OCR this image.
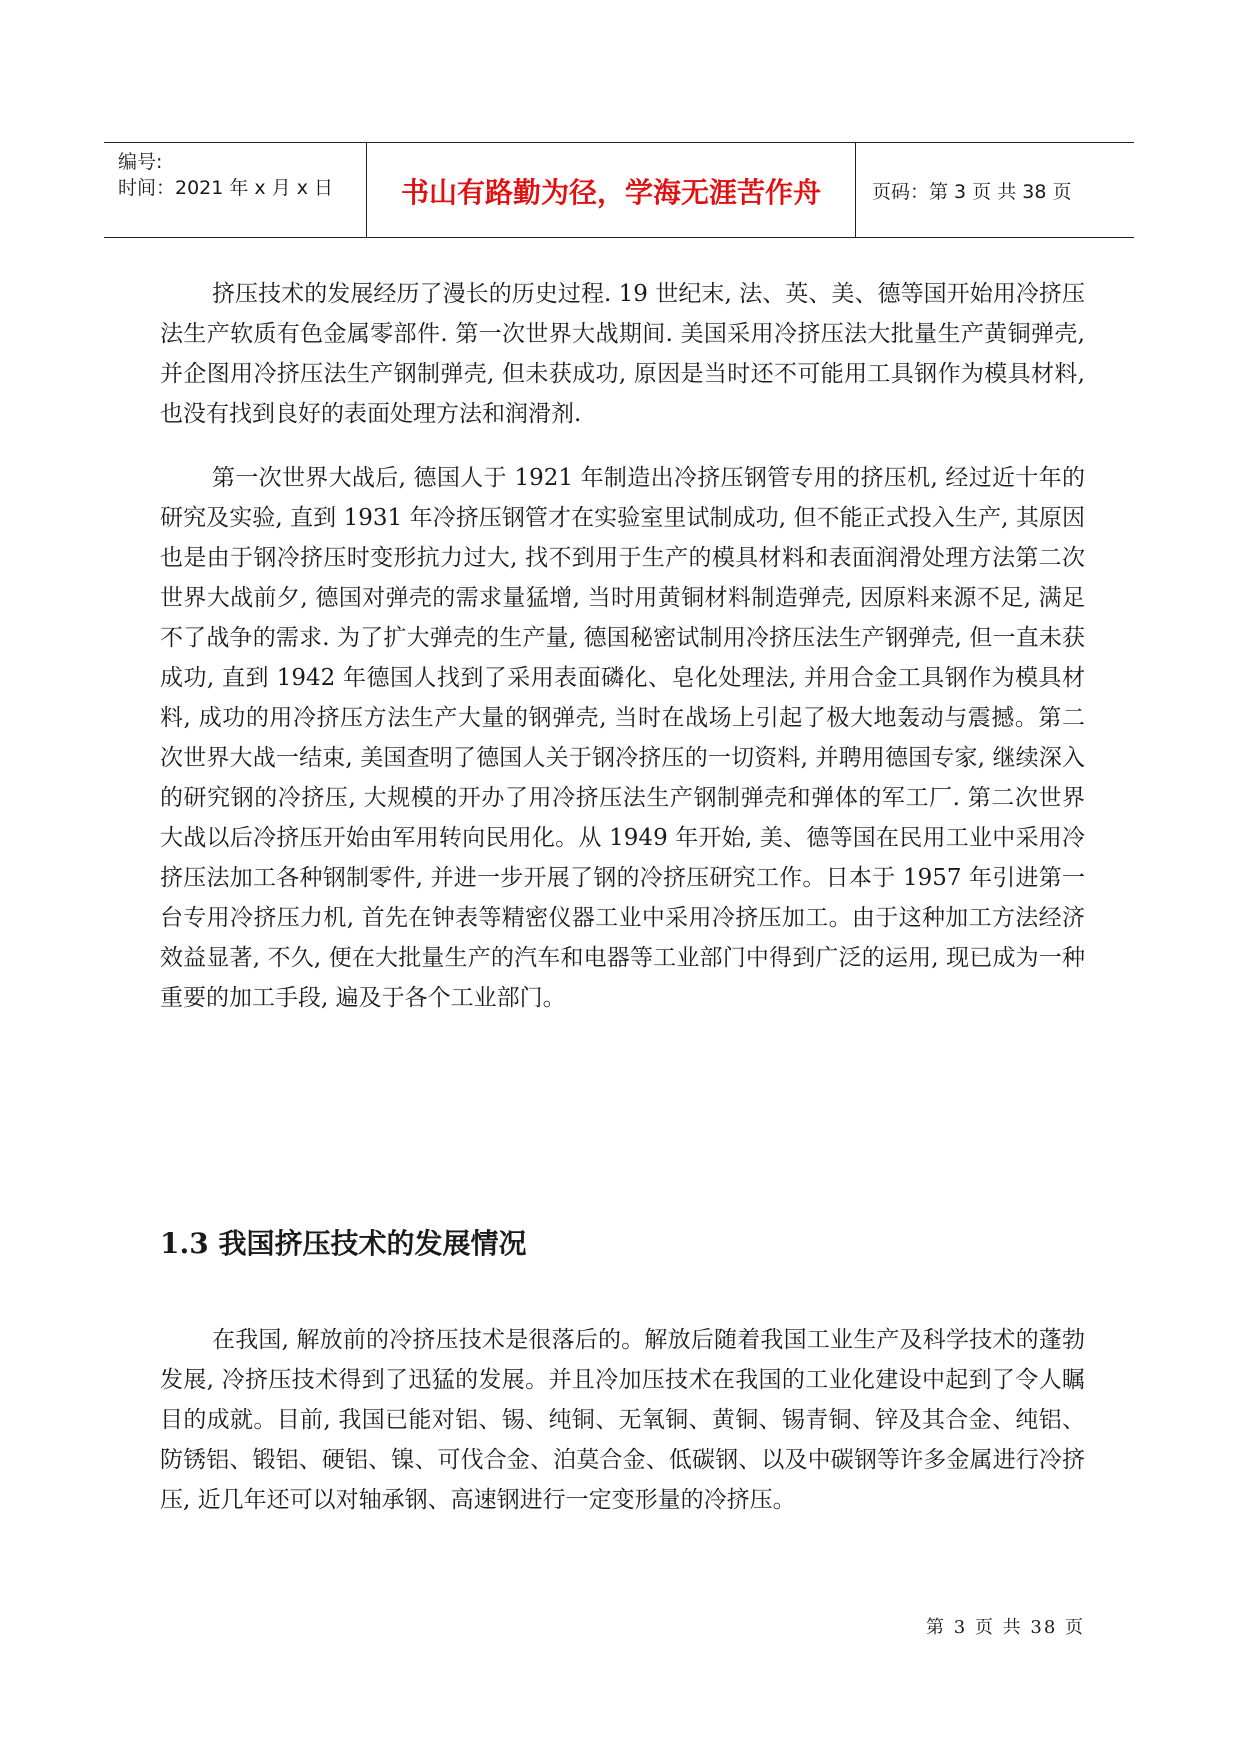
编号:
时间：2021 年 x 月 x 日	书山有路勤为径，学海无涯苦作舟	页码：第 3 页 共 38 页

挤压技术的发展经历了漫长的历史过程. 19 世纪末, 法、英、美、德等国开始用冷挤压法生产软质有色金属零部件. 第一次世界大战期间. 美国采用冷挤压法大批量生产黄铜弹壳, 并企图用冷挤压法生产钢制弹壳, 但未获成功, 原因是当时还不可能用工具钢作为模具材料, 也没有找到良好的表面处理方法和润滑剂.

第一次世界大战后, 德国人于 1921 年制造出冷挤压钢管专用的挤压机, 经过近十年的研究及实验, 直到 1931 年冷挤压钢管才在实验室里试制成功, 但不能正式投入生产, 其原因也是由于钢冷挤压时变形抗力过大, 找不到用于生产的模具材料和表面润滑处理方法第二次世界大战前夕, 德国对弹壳的需求量猛增, 当时用黄铜材料制造弹壳, 因原料来源不足, 满足不了战争的需求. 为了扩大弹壳的生产量, 德国秘密试制用冷挤压法生产钢弹壳, 但一直未获成功, 直到 1942 年德国人找到了采用表面磷化、皂化处理法, 并用合金工具钢作为模具材料, 成功的用冷挤压方法生产大量的钢弹壳, 当时在战场上引起了极大地轰动与震撼。第二次世界大战一结束, 美国查明了德国人关于钢冷挤压的一切资料, 并聘用德国专家, 继续深入的研究钢的冷挤压, 大规模的开办了用冷挤压法生产钢制弹壳和弹体的军工厂. 第二次世界大战以后冷挤压开始由军用转向民用化。从 1949 年开始, 美、德等国在民用工业中采用冷挤压法加工各种钢制零件, 并进一步开展了钢的冷挤压研究工作。日本于 1957 年引进第一台专用冷挤压力机, 首先在钟表等精密仪器工业中采用冷挤压加工。由于这种加工方法经济效益显著, 不久, 便在大批量生产的汽车和电器等工业部门中得到广泛的运用, 现已成为一种重要的加工手段, 遍及于各个工业部门。

1.3 我国挤压技术的发展情况

在我国, 解放前的冷挤压技术是很落后的。解放后随着我国工业生产及科学技术的蓬勃发展, 冷挤压技术得到了迅猛的发展。并且冷加压技术在我国的工业化建设中起到了令人瞩目的成就。目前, 我国已能对铝、锡、纯铜、无氧铜、黄铜、锡青铜、锌及其合金、纯铝、防锈铝、锻铝、硬铝、镍、可伐合金、泊莫合金、低碳钢、以及中碳钢等许多金属进行冷挤压, 近几年还可以对轴承钢、高速钢进行一定变形量的冷挤压。

第 3 页 共 38 页
